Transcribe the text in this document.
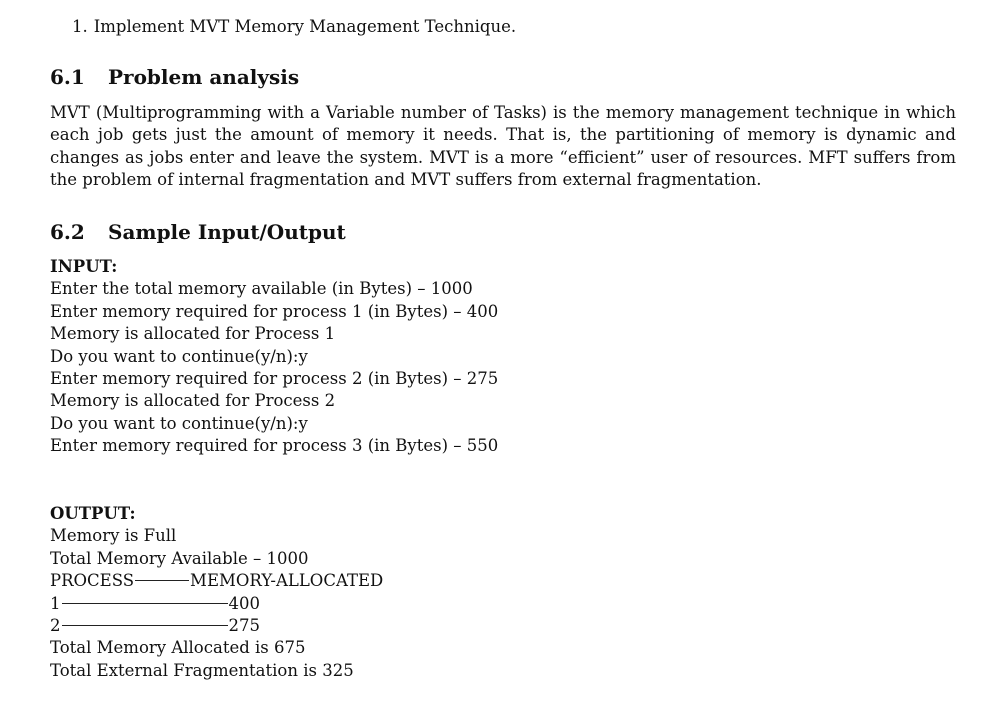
1. Implement MVT Memory Management Technique.
6.1 Problem analysis
MVT (Multiprogramming with a Variable number of Tasks) is the memory management technique in which each job gets just the amount of memory it needs. That is, the partitioning of memory is dynamic and changes as jobs enter and leave the system. MVT is a more “efficient” user of resources. MFT suffers from the problem of internal fragmentation and MVT suffers from external fragmentation.
6.2 Sample Input/Output
INPUT:
Enter the total memory available (in Bytes) – 1000
Enter memory required for process 1 (in Bytes) – 400
Memory is allocated for Process 1
Do you want to continue(y/n):y
Enter memory required for process 2 (in Bytes) – 275
Memory is allocated for Process 2
Do you want to continue(y/n):y
Enter memory required for process 3 (in Bytes) – 550
OUTPUT:
Memory is Full
Total Memory Available – 1000
PROCESS	MEMORY-ALLOCATED
1	400
2	275
Total Memory Allocated is 675
Total External Fragmentation is 325
